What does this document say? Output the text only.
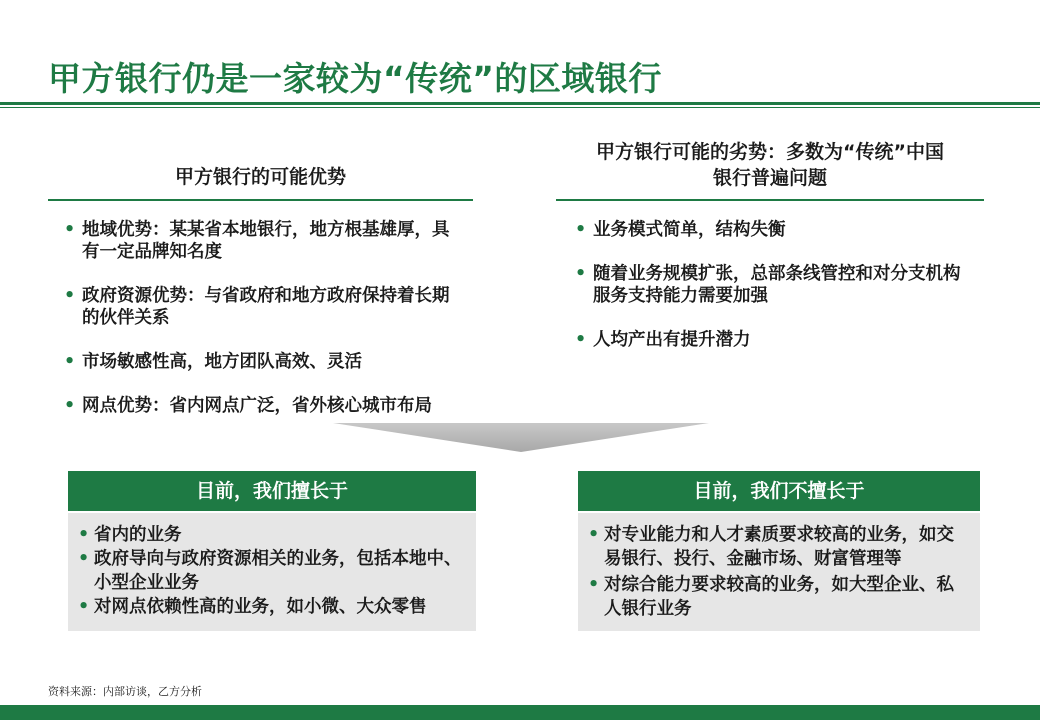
甲方银行仍是一家较为“传统”的区域银行
甲方银行的可能优势
• 地域优势：某某省本地银行，地方根基雄厚，具有一定品牌知名度
• 政府资源优势：与省政府和地方政府保持着长期的伙伴关系
• 市场敏感性高，地方团队高效、灵活
• 网点优势：省内网点广泛，省外核心城市布局
甲方银行可能的劣势：多数为“传统”中国
银行普遍问题
• 业务模式简单，结构失衡
• 随着业务规模扩张，总部条线管控和对分支机构服务支持能力需要加强
• 人均产出有提升潜力
目前，我们擅长于
• 省内的业务
• 政府导向与政府资源相关的业务，包括本地中、小型企业业务
• 对网点依赖性高的业务，如小微、大众零售
目前，我们不擅长于
• 对专业能力和人才素质要求较高的业务，如交易银行、投行、金融市场、财富管理等
• 对综合能力要求较高的业务，如大型企业、私人银行业务
资料来源：内部访谈，乙方分析
